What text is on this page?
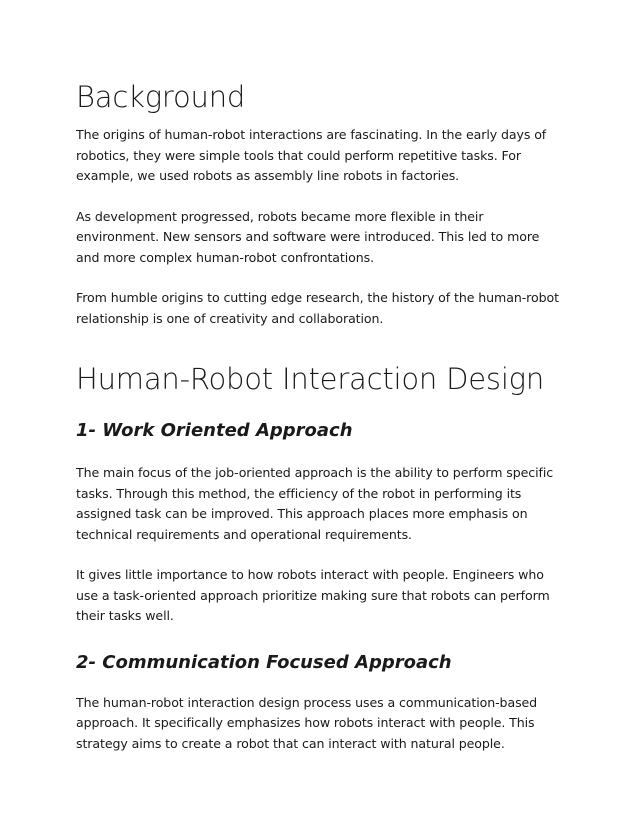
Background

The origins of human-robot interactions are fascinating. In the early days of robotics, they were simple tools that could perform repetitive tasks. For example, we used robots as assembly line robots in factories.

As development progressed, robots became more flexible in their environment. New sensors and software were introduced. This led to more and more complex human-robot confrontations.

From humble origins to cutting edge research, the history of the human-robot relationship is one of creativity and collaboration.

Human-Robot Interaction Design
1- Work Oriented Approach

The main focus of the job-oriented approach is the ability to perform specific tasks. Through this method, the efficiency of the robot in performing its assigned task can be improved. This approach places more emphasis on technical requirements and operational requirements.

It gives little importance to how robots interact with people. Engineers who use a task-oriented approach prioritize making sure that robots can perform their tasks well.

2- Communication Focused Approach

The human-robot interaction design process uses a communication-based approach. It specifically emphasizes how robots interact with people. This strategy aims to create a robot that can interact with natural people.
